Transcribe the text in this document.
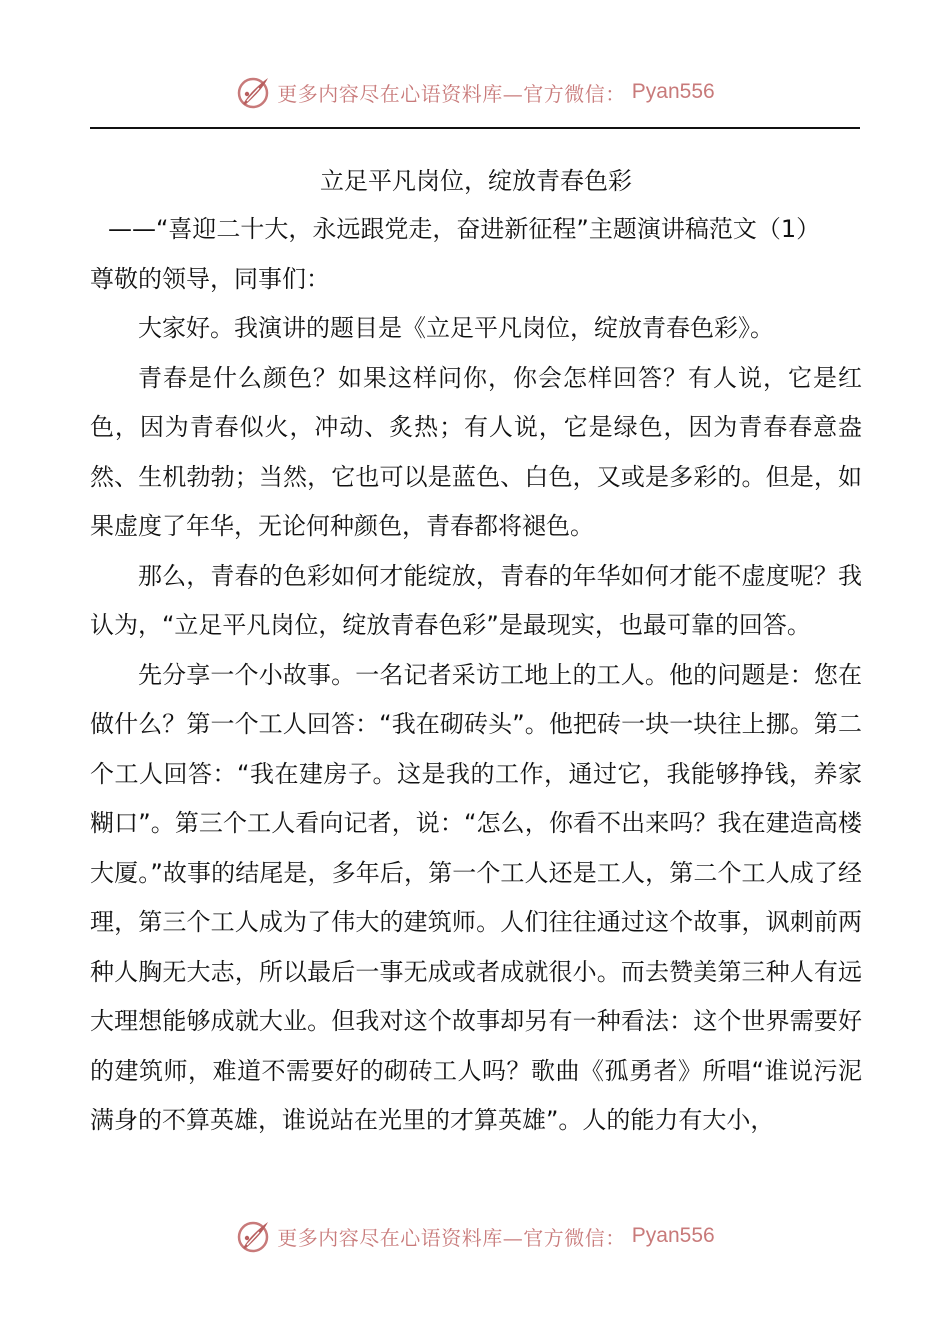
更多内容尽在心语资料库—官方微信： Pyan556
立足平凡岗位，绽放青春色彩

——“喜迎二十大，永远跟党走，奋进新征程”主题演讲稿范文（1）

尊敬的领导，同事们：

大家好。我演讲的题目是《立足平凡岗位，绽放青春色彩》。

青春是什么颜色？如果这样问你，你会怎样回答？有人说，它是红色，因为青春似火，冲动、炙热；有人说，它是绿色，因为青春春意盎然、生机勃勃；当然，它也可以是蓝色、白色，又或是多彩的。但是，如果虚度了年华，无论何种颜色，青春都将褪色。

那么，青春的色彩如何才能绽放，青春的年华如何才能不虚度呢？我认为，“立足平凡岗位，绽放青春色彩”是最现实，也最可靠的回答。

先分享一个小故事。一名记者采访工地上的工人。他的问题是：您在做什么？第一个工人回答：“我在砌砖头”。他把砖一块一块往上挪。第二个工人回答：“我在建房子。这是我的工作，通过它，我能够挣钱，养家糊口”。第三个工人看向记者，说：“怎么，你看不出来吗？我在建造高楼大厦。”故事的结尾是，多年后，第一个工人还是工人，第二个工人成了经理，第三个工人成为了伟大的建筑师。人们往往通过这个故事，讽刺前两种人胸无大志，所以最后一事无成或者成就很小。而去赞美第三种人有远大理想能够成就大业。但我对这个故事却另有一种看法：这个世界需要好的建筑师，难道不需要好的砌砖工人吗？歌曲《孤勇者》所唱“谁说污泥满身的不算英雄，谁说站在光里的才算英雄”。人的能力有大小，

更多内容尽在心语资料库—官方微信： Pyan556
